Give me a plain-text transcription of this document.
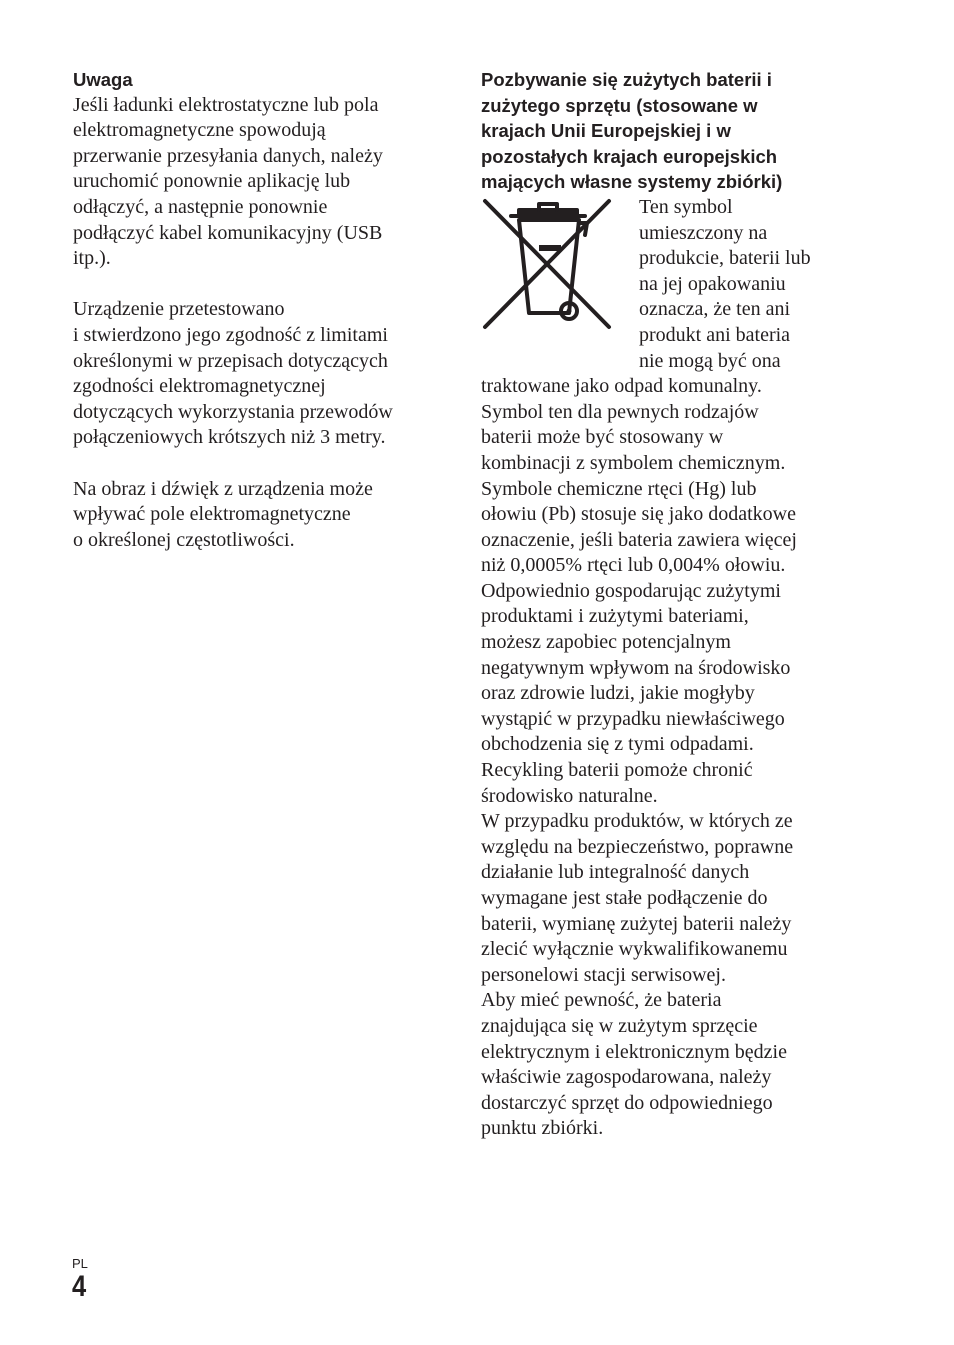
Uwaga

Jeśli ładunki elektrostatyczne lub pola
elektromagnetyczne spowodują
przerwanie przesyłania danych, należy
uruchomić ponownie aplikację lub
odłączyć, a następnie ponownie
podłączyć kabel komunikacyjny (USB
itp.).

Urządzenie przetestowano
i stwierdzono jego zgodność z limitami
określonymi w przepisach dotyczących
zgodności elektromagnetycznej
dotyczących wykorzystania przewodów
połączeniowych krótszych niż 3 metry.

Na obraz i dźwięk z urządzenia może
wpływać pole elektromagnetyczne
o określonej częstotliwości.

Pozbywanie się zużytych baterii i
zużytego sprzętu (stosowane w
krajach Unii Europejskiej i w
pozostałych krajach europejskich
mających własne systemy zbiórki)

Ten symbol
umieszczony na
produkcie, baterii lub
na jej opakowaniu
oznacza, że ten ani
produkt ani bateria
nie mogą być ona
traktowane jako odpad komunalny.
Symbol ten dla pewnych rodzajów
baterii może być stosowany w
kombinacji z symbolem chemicznym.
Symbole chemiczne rtęci (Hg) lub
ołowiu (Pb) stosuje się jako dodatkowe
oznaczenie, jeśli bateria zawiera więcej
niż 0,0005% rtęci lub 0,004% ołowiu.
Odpowiednio gospodarując zużytymi
produktami i zużytymi bateriami,
możesz zapobiec potencjalnym
negatywnym wpływom na środowisko
oraz zdrowie ludzi, jakie mogłyby
wystąpić w przypadku niewłaściwego
obchodzenia się z tymi odpadami.
Recykling baterii pomoże chronić
środowisko naturalne.
W przypadku produktów, w których ze
względu na bezpieczeństwo, poprawne
działanie lub integralność danych
wymagane jest stałe podłączenie do
baterii, wymianę zużytej baterii należy
zlecić wyłącznie wykwalifikowanemu
personelowi stacji serwisowej.
Aby mieć pewność, że bateria
znajdująca się w zużytym sprzęcie
elektrycznym i elektronicznym będzie
właściwie zagospodarowana, należy
dostarczyć sprzęt do odpowiedniego
punktu zbiórki.

PL
4
